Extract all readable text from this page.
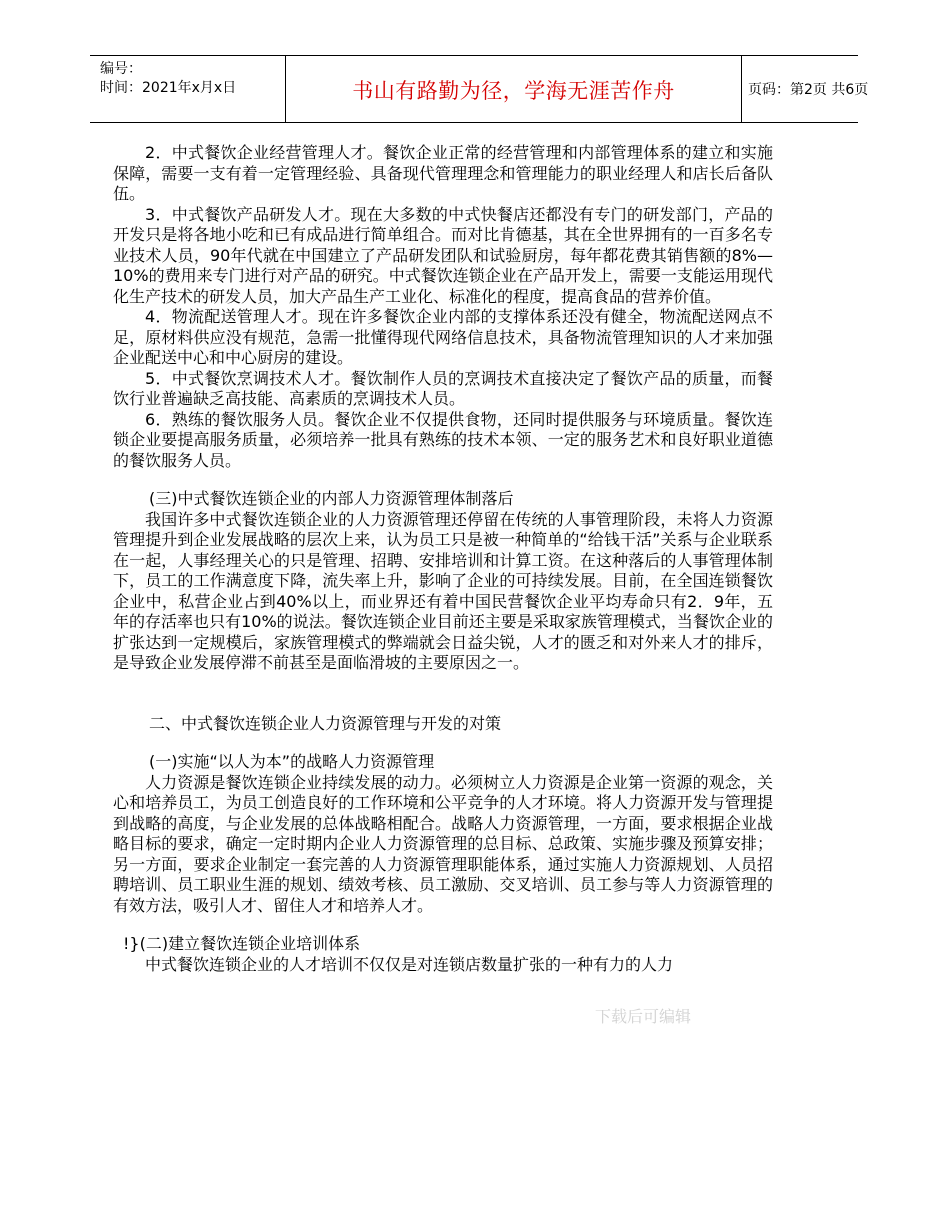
编号：
时间：2021年x月x日	书山有路勤为径，学海无涯苦作舟	页码：第2页 共6页

2．中式餐饮企业经营管理人才。餐饮企业正常的经营管理和内部管理体系的建立和实施保障，需要一支有着一定管理经验、具备现代管理理念和管理能力的职业经理人和店长后备队伍。

3．中式餐饮产品研发人才。现在大多数的中式快餐店还都没有专门的研发部门，产品的开发只是将各地小吃和已有成品进行简单组合。而对比肯德基，其在全世界拥有的一百多名专业技术人员，90年代就在中国建立了产品研发团队和试验厨房，每年都花费其销售额的8%—10%的费用来专门进行对产品的研究。中式餐饮连锁企业在产品开发上，需要一支能运用现代化生产技术的研发人员，加大产品生产工业化、标准化的程度，提高食品的营养价值。

4．物流配送管理人才。现在许多餐饮企业内部的支撑体系还没有健全，物流配送网点不足，原材料供应没有规范，急需一批懂得现代网络信息技术，具备物流管理知识的人才来加强企业配送中心和中心厨房的建设。

5．中式餐饮烹调技术人才。餐饮制作人员的烹调技术直接决定了餐饮产品的质量，而餐饮行业普遍缺乏高技能、高素质的烹调技术人员。

6．熟练的餐饮服务人员。餐饮企业不仅提供食物，还同时提供服务与环境质量。餐饮连锁企业要提高服务质量，必须培养一批具有熟练的技术本领、一定的服务艺术和良好职业道德的餐饮服务人员。

(三)中式餐饮连锁企业的内部人力资源管理体制落后

我国许多中式餐饮连锁企业的人力资源管理还停留在传统的人事管理阶段，未将人力资源管理提升到企业发展战略的层次上来，认为员工只是被一种简单的“给钱干活”关系与企业联系在一起，人事经理关心的只是管理、招聘、安排培训和计算工资。在这种落后的人事管理体制下，员工的工作满意度下降，流失率上升，影响了企业的可持续发展。目前，在全国连锁餐饮企业中，私营企业占到40%以上，而业界还有着中国民营餐饮企业平均寿命只有2．9年，五年的存活率也只有10%的说法。餐饮连锁企业目前还主要是采取家族管理模式，当餐饮企业的扩张达到一定规模后，家族管理模式的弊端就会日益尖锐，人才的匮乏和对外来人才的排斥，是导致企业发展停滞不前甚至是面临滑坡的主要原因之一。

二、中式餐饮连锁企业人力资源管理与开发的对策

(一)实施“以人为本”的战略人力资源管理

人力资源是餐饮连锁企业持续发展的动力。必须树立人力资源是企业第一资源的观念，关心和培养员工，为员工创造良好的工作环境和公平竞争的人才环境。将人力资源开发与管理提到战略的高度，与企业发展的总体战略相配合。战略人力资源管理，一方面，要求根据企业战略目标的要求，确定一定时期内企业人力资源管理的总目标、总政策、实施步骤及预算安排；另一方面，要求企业制定一套完善的人力资源管理职能体系，通过实施人力资源规划、人员招聘培训、员工职业生涯的规划、绩效考核、员工激励、交叉培训、员工参与等人力资源管理的有效方法，吸引人才、留住人才和培养人才。

!}(二)建立餐饮连锁企业培训体系

中式餐饮连锁企业的人才培训不仅仅是对连锁店数量扩张的一种有力的人力

下载后可编辑
